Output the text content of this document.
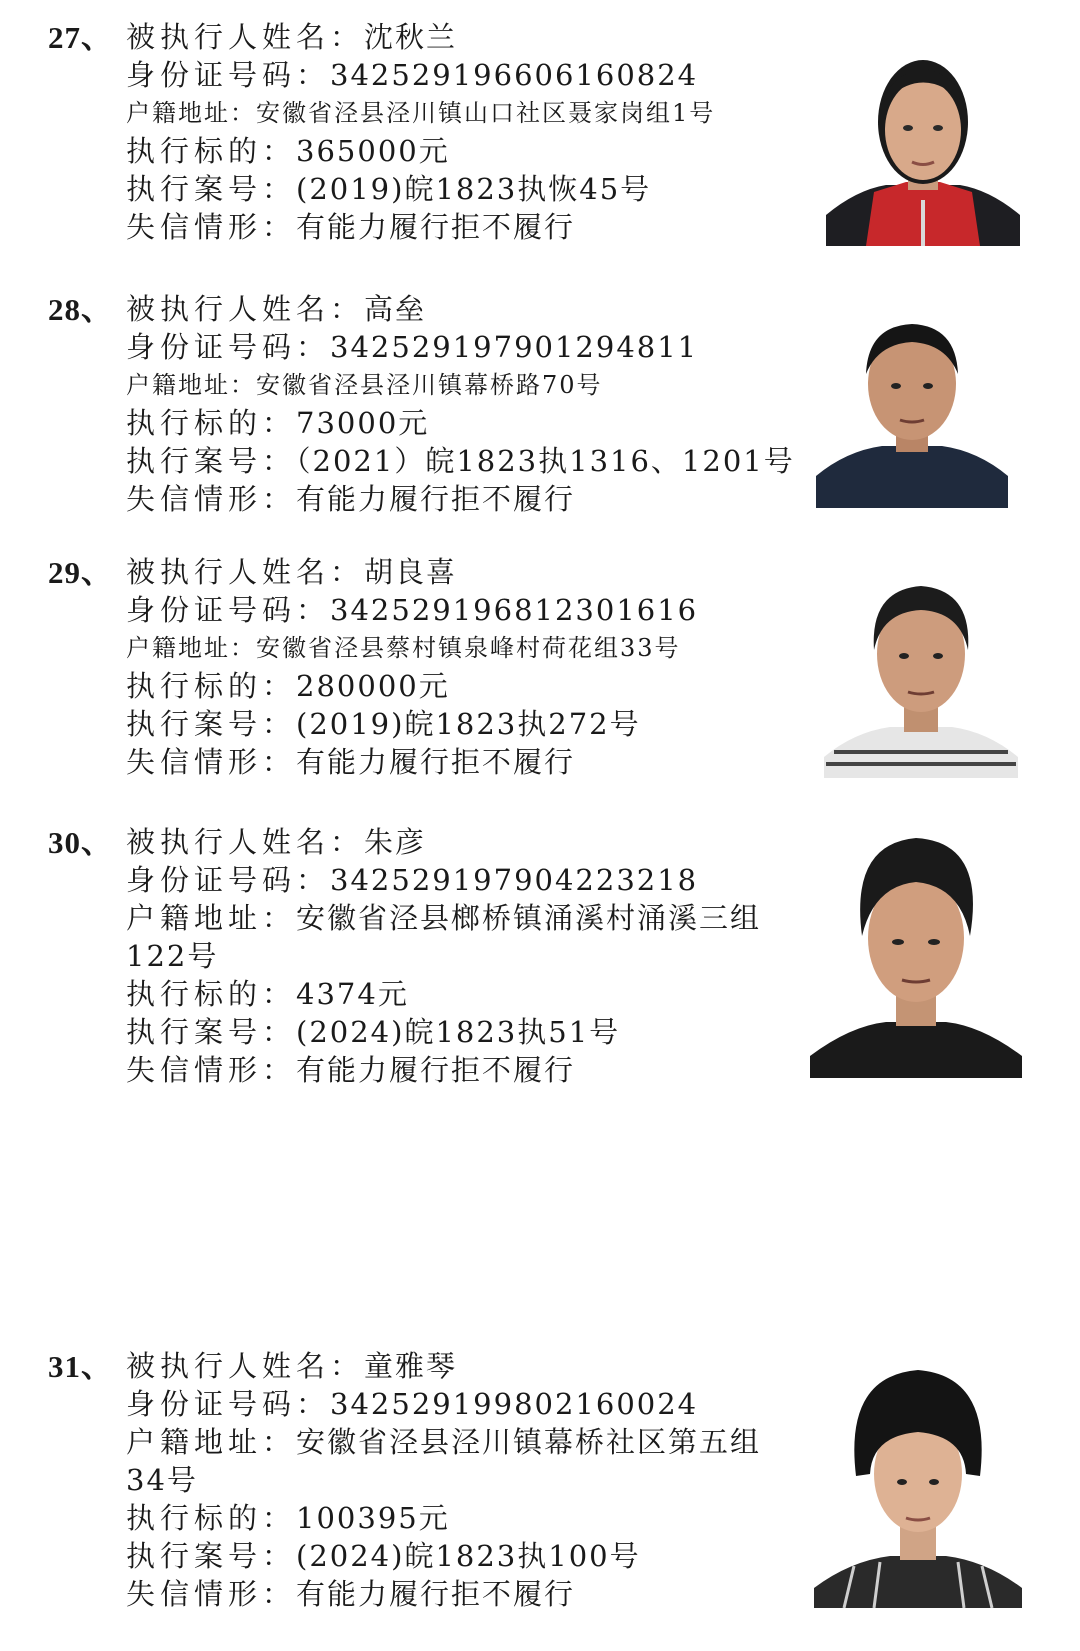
27、 被执行人姓名：沈秋兰
身份证号码：342529196606160824
户籍地址：安徽省泾县泾川镇山口社区聂家岗组1号
执行标的：365000元
执行案号：(2019)皖1823执恢45号
失信情形：有能力履行拒不履行
28、 被执行人姓名：高垒
身份证号码：342529197901294811
户籍地址：安徽省泾县泾川镇幕桥路70号
执行标的：73000元
执行案号：（2021）皖1823执1316、1201号
失信情形：有能力履行拒不履行
29、 被执行人姓名：胡良喜
身份证号码：342529196812301616
户籍地址：安徽省泾县蔡村镇泉峰村荷花组33号
执行标的：280000元
执行案号：(2019)皖1823执272号
失信情形：有能力履行拒不履行
30、 被执行人姓名：朱彦
身份证号码：342529197904223218
户籍地址：安徽省泾县榔桥镇涌溪村涌溪三组
122号
执行标的：4374元
执行案号：(2024)皖1823执51号
失信情形：有能力履行拒不履行
31、 被执行人姓名：童雅琴
身份证号码：342529199802160024
户籍地址：安徽省泾县泾川镇幕桥社区第五组
34号
执行标的：100395元
执行案号：(2024)皖1823执100号
失信情形：有能力履行拒不履行
